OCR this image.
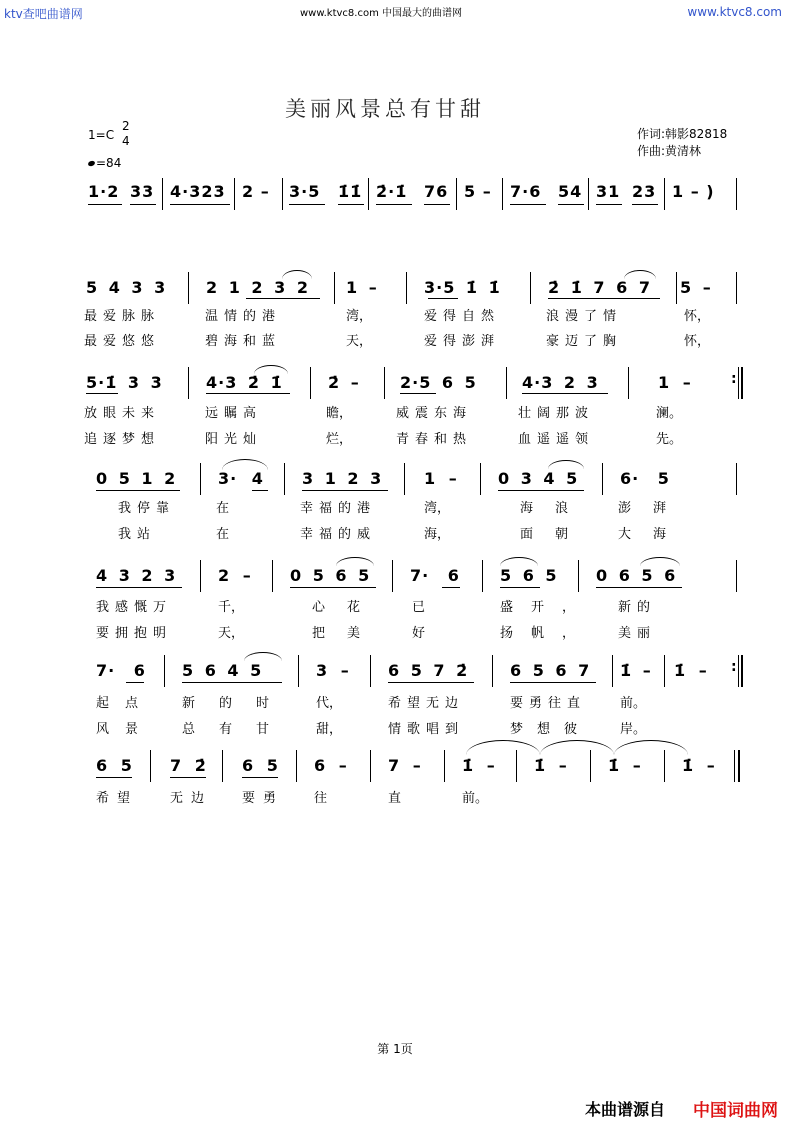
ktv查吧曲谱网	www.ktvc8.com 中国最大的曲谱网	www.ktvc8.com
美丽风景总有甘甜
1=C
2
4
=84
作词:韩影82818
作曲:黄清林
1·2 33 4·323 2 – 3·5 1̇1̇ 2̇·1̇ 76 5 – 7·6 54 31 23 1 – )
5 4 3 3 2 1 2 3 2 1 –	3·5 1̇ 1̇	2̇ 1̇ 7 6 7 5 –
最爱脉脉	温情的港	湾，	爱得自然	浪漫了情	怀，
最爱悠悠	碧海和蓝	天，	爱得澎湃	豪迈了胸	怀，
5·1̇ 3 3	4·3 2̇ 1̇	2̇ –	2·5 6 5	4·3 2 3	1 –	:
放眼未来	远瞩高	瞻，	威震东海	壮阔那波	澜。
追逐梦想	阳光灿	烂，	青春和热	血遥遥领	先。
0 5 1 2	3· 4 3 1 2 3	1 –	0 3 4 5	6· 5
我停靠	在	幸福的港	湾，	海浪 澎湃
我站	在	幸福的威	海，	面朝 大海
4 3 2 3	2 – 0 5 6 5 7· 6	5 6 5 0 6 5 6
我感慨万	千，	心花 已	盛开， 新的
要拥抱明	天，	把美 好	扬帆， 美丽
7· 6 5 6 4 5	3 – 6 5 7 2̇	6 5 6 7 1̇ – 1̇ – :
起点 新的时 代，	希望无边	要勇往直	前。
风景 总有甘 甜，	情歌唱到	梦想彼 岸。
6 5 7 2̇ 6 5 6 –	7 –	1̇ – 1̇ –	1̇ –	1̇ –
希望 无边 要勇 往	直	前。
第 1页
本曲谱源自 中国词曲网
